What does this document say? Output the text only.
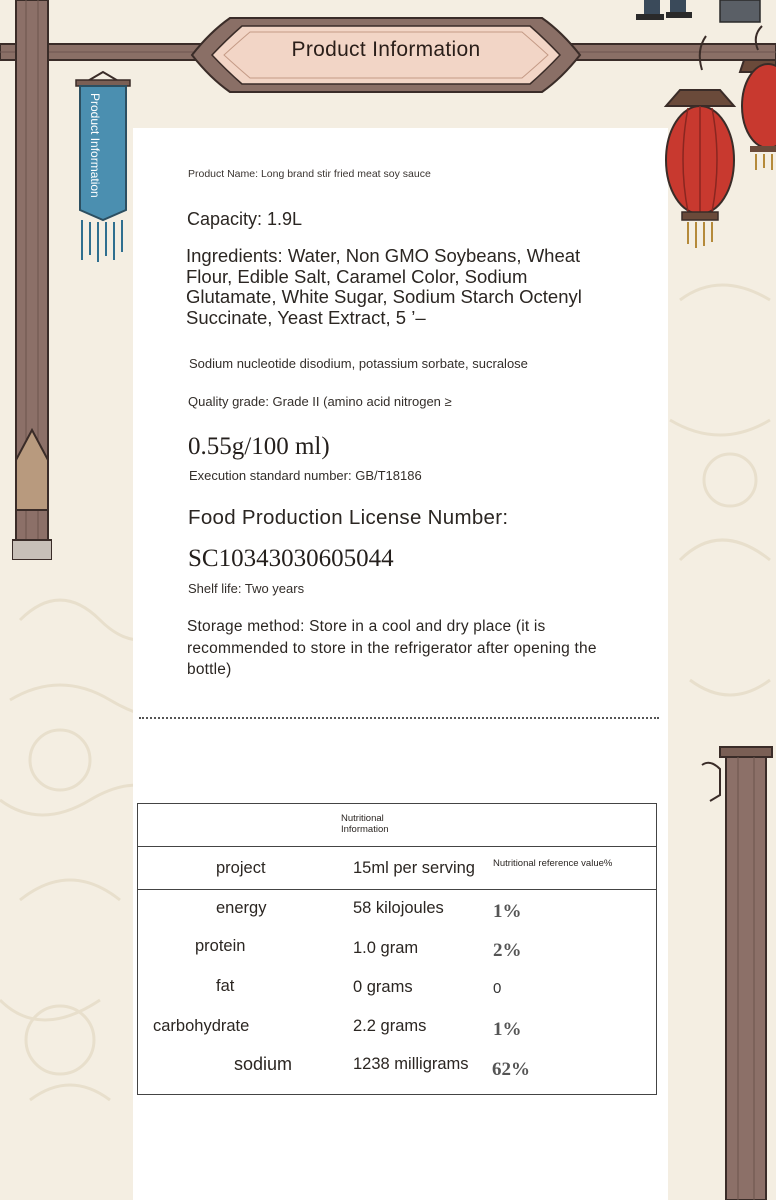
Product Information
Product Information
Product Name: Long brand stir fried meat soy sauce
Capacity: 1.9L
Ingredients: Water, Non GMO Soybeans, Wheat Flour, Edible Salt, Caramel Color, Sodium Glutamate, White Sugar, Sodium Starch Octenyl Succinate, Yeast Extract, 5 ’–
Sodium nucleotide disodium, potassium sorbate, sucralose
Quality grade: Grade II (amino acid nitrogen ≥
0.55g/100 ml)
Execution standard number: GB/T18186
Food Production License Number:
SC10343030605044
Shelf life: Two years
Storage method: Store in a cool and dry place (it is recommended to store in the refrigerator after opening the bottle)
Nutritional Information
project	15ml per serving Nutritional reference value%
energy	58 kilojoules	1%
protein	1.0 gram	2%
fat	0 grams	0
carbohydrate	2.2 grams	1%
sodium	1238 milligrams 62%
